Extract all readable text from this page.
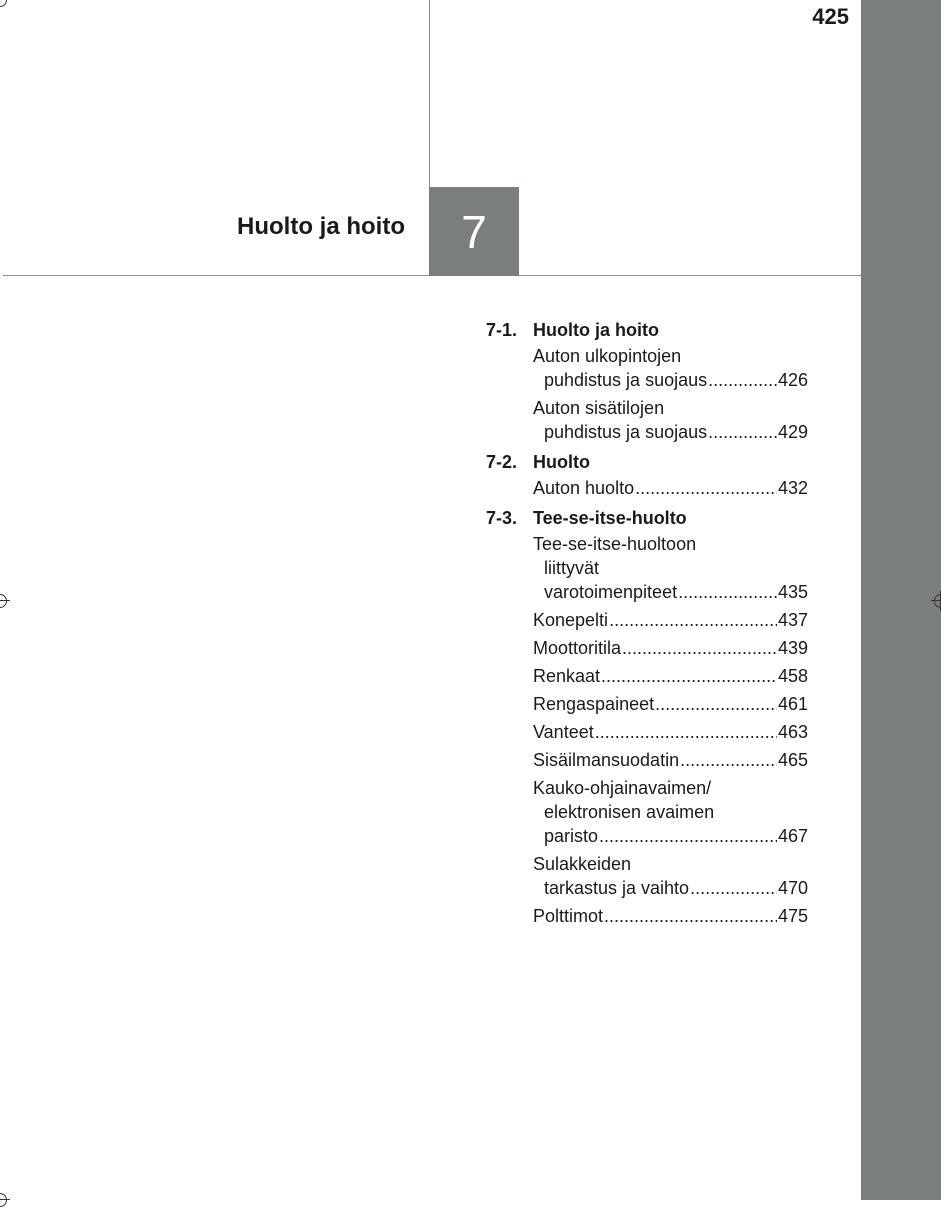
425
Huolto ja hoito 7
7-1. Huolto ja hoito
Auton ulkopintojen
puhdistus ja suojaus .....	426
Auton sisätilojen
puhdistus ja suojaus .....	429
7-2. Huolto
Auton huolto .....	432
7-3. Tee-se-itse-huolto
Tee-se-itse-huoltoon
liittyvät
varotoimenpiteet .....	435
Konepelti .....	437
Moottoritila .....	439
Renkaat .....	458
Rengaspaineet .....	461
Vanteet .....	463
Sisäilmansuodatin .....	465
Kauko-ohjainavaimen/
elektronisen avaimen
paristo .....	467
Sulakkeiden
tarkastus ja vaihto .....	470
Polttimot .....	475
